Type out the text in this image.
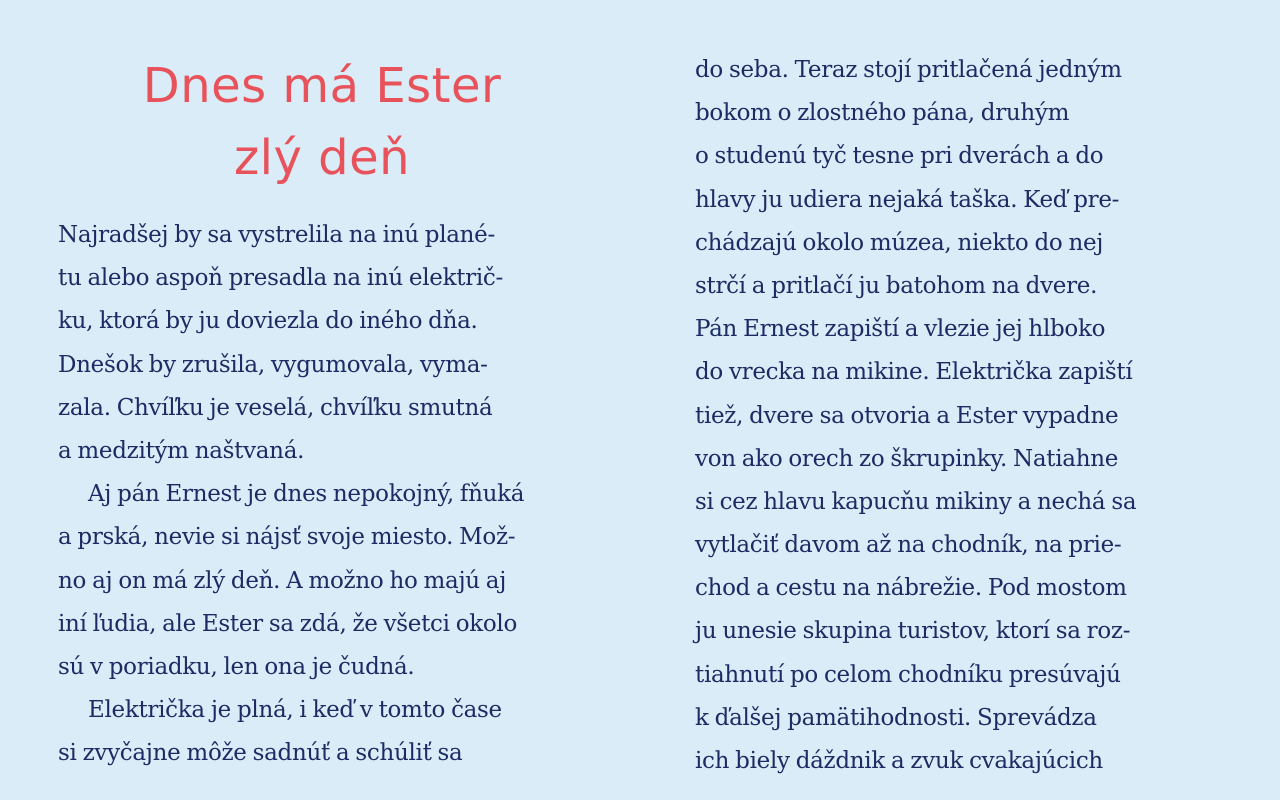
Dnes má Ester
zlý deň
Najradšej by sa vystrelila na inú plané-
tu alebo aspoň presadla na inú električ-
ku, ktorá by ju doviezla do iného dňa.
Dnešok by zrušila, vygumovala, vyma-
zala. Chvíľku je veselá, chvíľku smutná
a medzitým naštvaná.
Aj pán Ernest je dnes nepokojný, fňuká
a prská, nevie si nájsť svoje miesto. Mož-
no aj on má zlý deň. A možno ho majú aj
iní ľudia, ale Ester sa zdá, že všetci okolo
sú v poriadku, len ona je čudná.
Električka je plná, i keď v tomto čase
si zvyčajne môže sadnúť a schúliť sa
do seba. Teraz stojí pritlačená jedným
bokom o zlostného pána, druhým
o studenú tyč tesne pri dverách a do
hlavy ju udiera nejaká taška. Keď pre-
chádzajú okolo múzea, niekto do nej
strčí a pritlačí ju batohom na dvere.
Pán Ernest zapiští a vlezie jej hlboko
do vrecka na mikine. Električka zapiští
tiež, dvere sa otvoria a Ester vypadne
von ako orech zo škrupinky. Natiahne
si cez hlavu kapucňu mikiny a nechá sa
vytlačiť davom až na chodník, na prie-
chod a cestu na nábrežie. Pod mostom
ju unesie skupina turistov, ktorí sa roz-
tiahnutí po celom chodníku presúvajú
k ďalšej pamätihodnosti. Sprevádza
ich biely dáždnik a zvuk cvakajúcich
